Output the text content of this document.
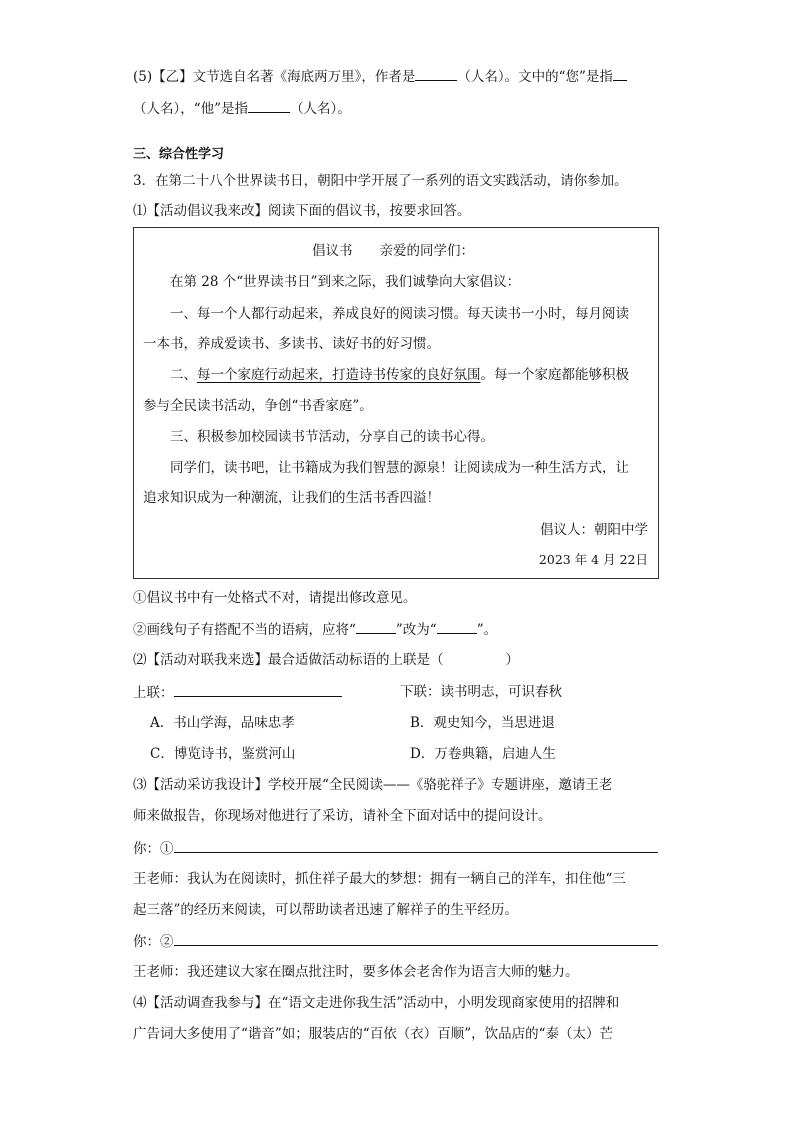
(5)【乙】文节选自名著《海底两万里》，作者是	（人名）。文中的“您”是指
（人名），“他”是指	（人名）。
三、综合性学习
3．在第二十八个世界读书日，朝阳中学开展了一系列的语文实践活动，请你参加。
⑴【活动倡议我来改】阅读下面的倡议书，按要求回答。
倡议书　　亲爱的同学们：
在第 28 个“世界读书日”到来之际，我们诚挚向大家倡议：
一、每一个人都行动起来，养成良好的阅读习惯。每天读书一小时，每月阅读
一本书，养成爱读书、多读书、读好书的好习惯。
二、每一个家庭行动起来，打造诗书传家的良好氛围。每一个家庭都能够积极
参与全民读书活动，争创“书香家庭”。
三、积极参加校园读书节活动，分享自己的读书心得。
同学们，读书吧，让书籍成为我们智慧的源泉！让阅读成为一种生活方式，让
追求知识成为一种潮流，让我们的生活书香四溢！
倡议人：朝阳中学
2023 年 4 月 22日
①倡议书中有一处格式不对，请提出修改意见。
②画线句子有搭配不当的语病，应将“	”改为“	”。
⑵【活动对联我来选】最合适做活动标语的上联是（	）
上联：	下联：读书明志，可识春秋
A．书山学海，品味忠孝	B．观史知今，当思进退
C．博览诗书，鉴赏河山	D．万卷典籍，启迪人生
⑶【活动采访我设计】学校开展“全民阅读——《骆驼祥子》专题讲座，邀请王老
师来做报告，你现场对他进行了采访，请补全下面对话中的提问设计。
你：①
王老师：我认为在阅读时，抓住祥子最大的梦想：拥有一辆自己的洋车，扣住他“三
起三落”的经历来阅读，可以帮助读者迅速了解祥子的生平经历。
你：②
王老师：我还建议大家在圈点批注时，要多体会老舍作为语言大师的魅力。
⑷【活动调查我参与】在“语文走进你我生活”活动中，小明发现商家使用的招牌和
广告词大多使用了“谐音”如；服装店的“百依（衣）百顺”，饮品店的“泰（太）芒
